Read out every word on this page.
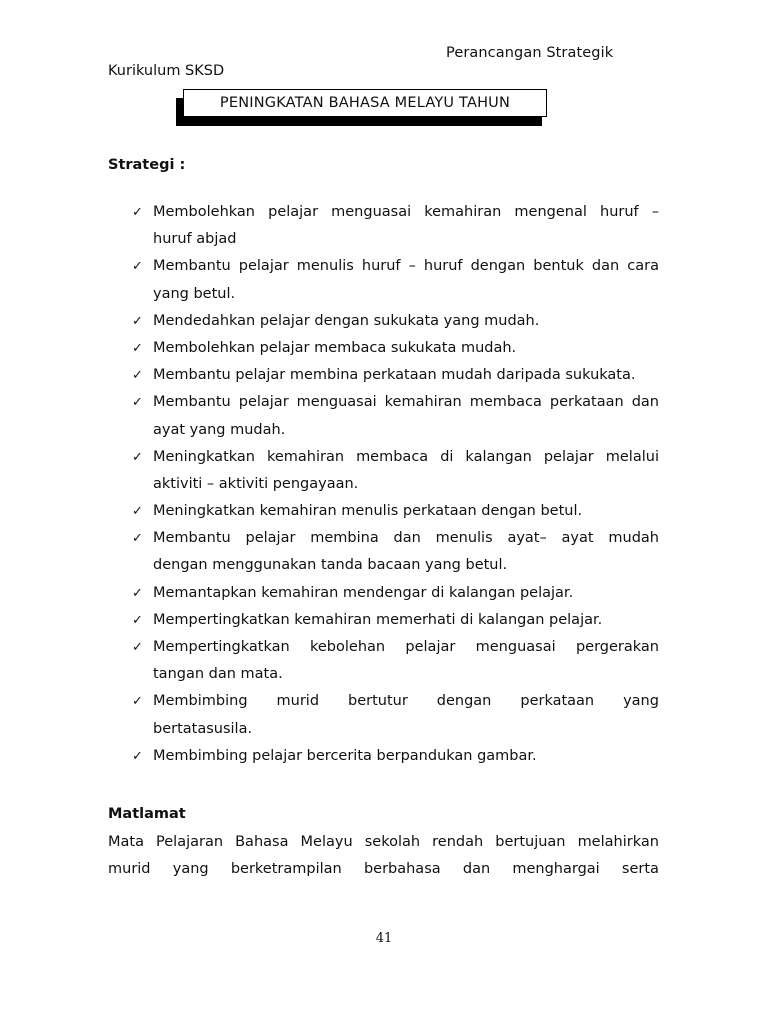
Perancangan Strategik
Kurikulum SKSD
PENINGKATAN BAHASA MELAYU TAHUN
Strategi :
✓ Membolehkan pelajar menguasai kemahiran mengenal huruf –
huruf abjad
✓ Membantu pelajar menulis huruf – huruf dengan bentuk dan cara
yang betul.
✓ Mendedahkan pelajar dengan sukukata yang mudah.
✓ Membolehkan pelajar membaca sukukata mudah.
✓ Membantu pelajar membina perkataan mudah daripada sukukata.
✓ Membantu pelajar menguasai kemahiran membaca perkataan dan
ayat yang mudah.
✓ Meningkatkan kemahiran membaca di kalangan pelajar melalui
aktiviti – aktiviti pengayaan.
✓ Meningkatkan kemahiran menulis perkataan dengan betul.
✓ Membantu pelajar membina dan menulis ayat– ayat mudah
dengan menggunakan tanda bacaan yang betul.
✓ Memantapkan kemahiran mendengar di kalangan pelajar.
✓ Mempertingkatkan kemahiran memerhati di kalangan pelajar.
✓ Mempertingkatkan kebolehan pelajar menguasai pergerakan
tangan dan mata.
✓ Membimbing murid bertutur dengan perkataan yang
bertatasusila.
✓ Membimbing pelajar bercerita berpandukan gambar.
Matlamat
Mata Pelajaran Bahasa Melayu sekolah rendah bertujuan melahirkan
murid yang berketrampilan berbahasa dan menghargai serta
41
